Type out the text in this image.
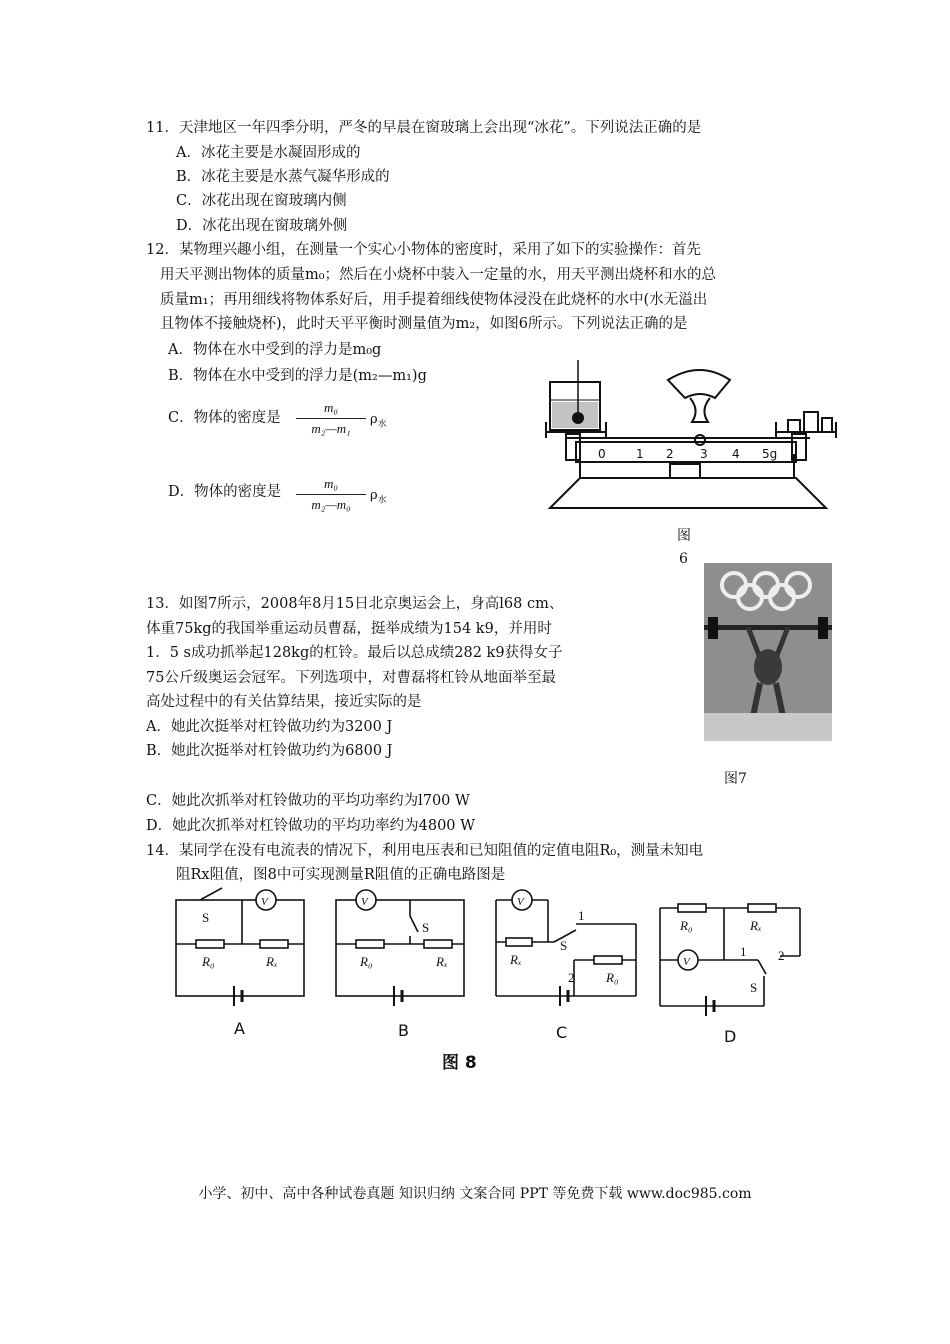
11．天津地区一年四季分明，严冬的早晨在窗玻璃上会出现“冰花”。下列说法正确的是
A．冰花主要是水凝固形成的
B．冰花主要是水蒸气凝华形成的
C．冰花出现在窗玻璃内侧
D．冰花出现在窗玻璃外侧
12．某物理兴趣小组，在测量一个实心小物体的密度时，采用了如下的实验操作：首先
用天平测出物体的质量m₀；然后在小烧杯中装入一定量的水，用天平测出烧杯和水的总
质量m₁；再用细线将物体系好后，用手提着细线使物体浸没在此烧杯的水中(水无溢出
且物体不接触烧杯)，此时天平平衡时测量值为m₂，如图6所示。下列说法正确的是
A．物体在水中受到的浮力是m₀g
B．物体在水中受到的浮力是(m₂—m₁)g
C．物体的密度是 $\frac{\text{m₀}}{\text{m₂—m₁}} \rho_水$
D．物体的密度是 $\frac{\text{m₀}}{\text{m₂—m₀}} \rho_水$
0	1 2 3 4 5g
图
6
13．如图7所示，2008年8月15日北京奥运会上，身高l68 cm、
体重75kg的我国举重运动员曹磊，挺举成绩为154 k9，并用时
1．5 s成功抓举起128kg的杠铃。最后以总成绩282 k9获得女子
75公斤级奥运会冠军。下列选项中，对曹磊将杠铃从地面举至最
高处过程中的有关估算结果，接近实际的是
A．她此次挺举对杠铃做功约为3200 J
B．她此次挺举对杠铃做功约为6800 J
C．她此次抓举对杠铃做功的平均功率约为l700 W
D．她此次抓举对杠铃做功的平均功率约为4800 W
图7
14．某同学在没有电流表的情况下，利用电压表和已知阻值的定值电阻R₀，测量未知电
阻Rx阻值，图8中可实现测量R阻值的正确电路图是
S
V
R₀	Rₓ
S
V
R₀	Rₓ
V
S
1
2
Rₓ
R₀
R₀	Rₓ
V
1 2
S
A	B	C	D
图 8
小学、初中、高中各种试卷真题 知识归纳 文案合同 PPT 等免费下载 www.doc985.com
